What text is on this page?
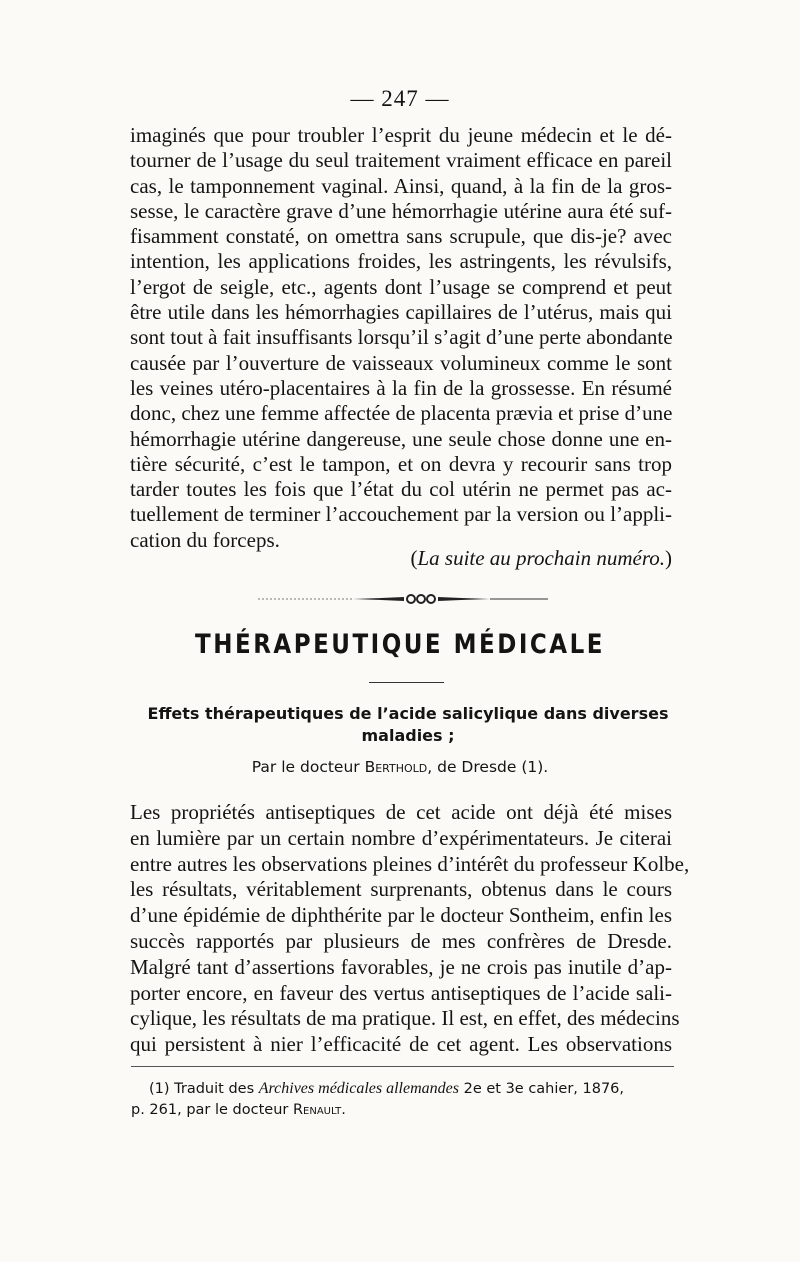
— 247 —
imaginés que pour troubler l’esprit du jeune médecin et le dé-
tourner de l’usage du seul traitement vraiment efficace en pareil
cas, le tamponnement vaginal. Ainsi, quand, à la fin de la gros-
sesse, le caractère grave d’une hémorrhagie utérine aura été suf-
fisamment constaté, on omettra sans scrupule, que dis-je? avec
intention, les applications froides, les astringents, les révulsifs,
l’ergot de seigle, etc., agents dont l’usage se comprend et peut
être utile dans les hémorrhagies capillaires de l’utérus, mais qui
sont tout à fait insuffisants lorsqu’il s’agit d’une perte abondante
causée par l’ouverture de vaisseaux volumineux comme le sont
les veines utéro-placentaires à la fin de la grossesse. En résumé
donc, chez une femme affectée de placenta prævia et prise d’une
hémorrhagie utérine dangereuse, une seule chose donne une en-
tière sécurité, c’est le tampon, et on devra y recourir sans trop
tarder toutes les fois que l’état du col utérin ne permet pas ac-
tuellement de terminer l’accouchement par la version ou l’appli-
cation du forceps.
(La suite au prochain numéro.)
THÉRAPEUTIQUE MÉDICALE
Effets thérapeutiques de l’acide salicylique dans diverses maladies ;
Par le docteur Berthold, de Dresde (1).
Les propriétés antiseptiques de cet acide ont déjà été mises
en lumière par un certain nombre d’expérimentateurs. Je citerai
entre autres les observations pleines d’intérêt du professeur Kolbe,
les résultats, véritablement surprenants, obtenus dans le cours
d’une épidémie de diphthérite par le docteur Sontheim, enfin les
succès rapportés par plusieurs de mes confrères de Dresde.
Malgré tant d’assertions favorables, je ne crois pas inutile d’ap-
porter encore, en faveur des vertus antiseptiques de l’acide sali-
cylique, les résultats de ma pratique. Il est, en effet, des médecins
qui persistent à nier l’efficacité de cet agent. Les observations
(1) Traduit des Archives médicales allemandes 2e et 3e cahier, 1876,
p. 261, par le docteur Renault.
